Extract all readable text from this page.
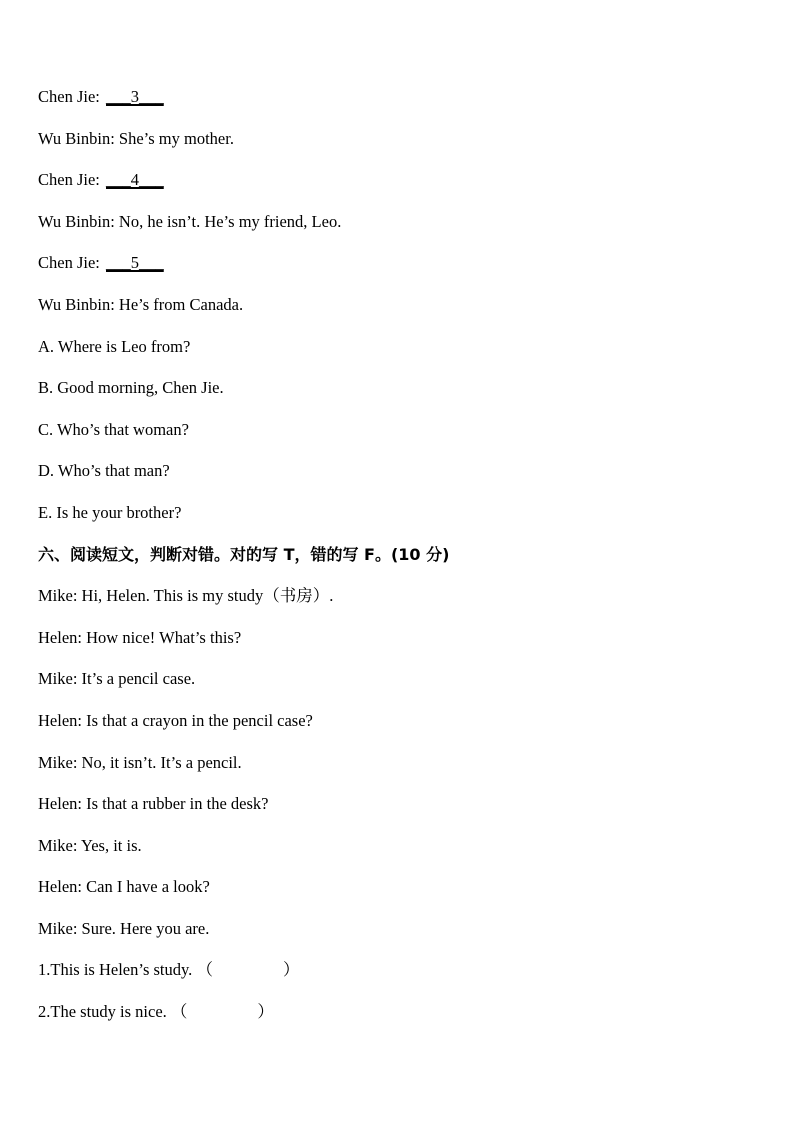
Chen Jie: ___3___
Wu Binbin: She’s my mother.
Chen Jie: ___4___
Wu Binbin: No, he isn’t. He’s my friend, Leo.
Chen Jie: ___5___
Wu Binbin: He’s from Canada.
A. Where is Leo from?
B. Good morning, Chen Jie.
C. Who’s that woman?
D. Who’s that man?
E. Is he your brother?
六、阅读短文，判断对错。对的写 T，错的写 F。(10 分)
Mike: Hi, Helen. This is my study（书房）.
Helen: How nice! What’s this?
Mike: It’s a pencil case.
Helen: Is that a crayon in the pencil case?
Mike: No, it isn’t. It’s a pencil.
Helen: Is that a rubber in the desk?
Mike: Yes, it is.
Helen: Can I have a look?
Mike: Sure. Here you are.
1.This is Helen’s study. （	）
2.The study is nice. （	）
